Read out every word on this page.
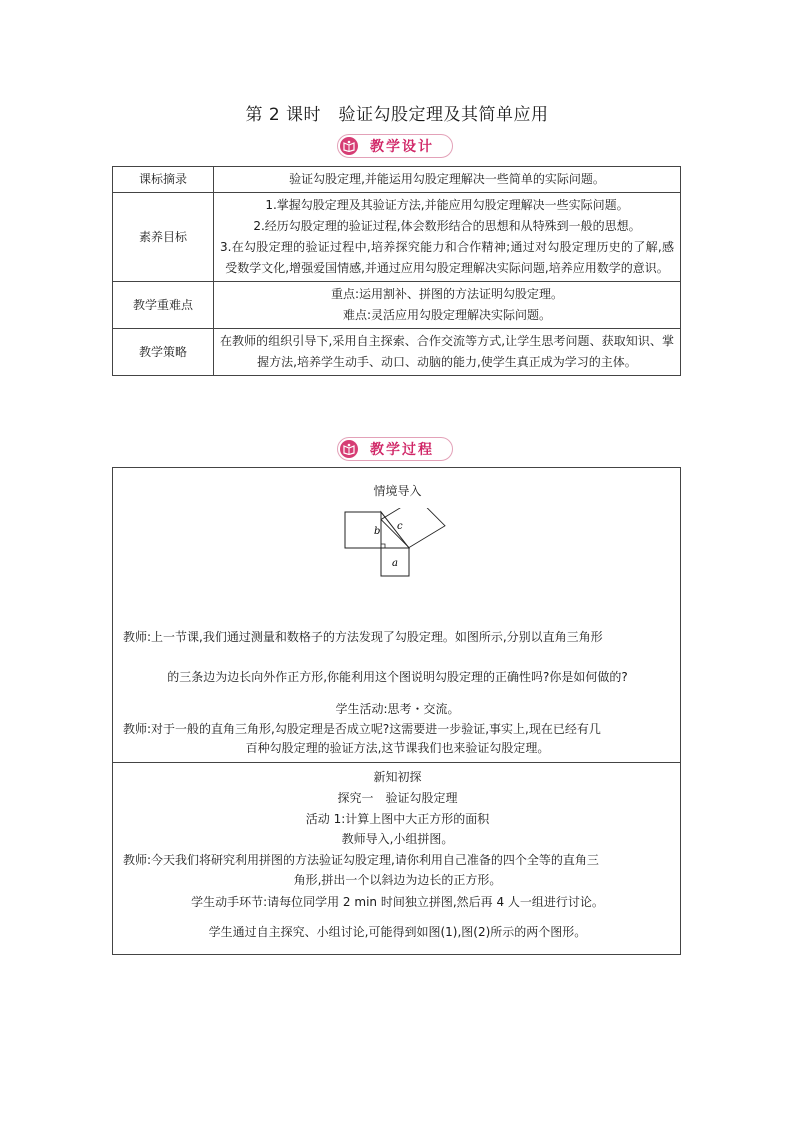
第 2 课时　验证勾股定理及其简单应用
教学设计
课标摘录	验证勾股定理,并能运用勾股定理解决一些简单的实际问题。
素养目标	1.掌握勾股定理及其验证方法,并能应用勾股定理解决一些实际问题。
2.经历勾股定理的验证过程,体会数形结合的思想和从特殊到一般的思想。
3.在勾股定理的验证过程中,培养探究能力和合作精神;通过对勾股定理历史的了解,感受数学文化,增强爱国情感,并通过应用勾股定理解决实际问题,培养应用数学的意识。

教学重难点	重点:运用割补、拼图的方法证明勾股定理。
难点:灵活应用勾股定理解决实际问题。

教学策略	在教师的组织引导下,采用自主探索、合作交流等方式,让学生思考问题、获取知识、掌握方法,培养学生动手、动口、动脑的能力,使学生真正成为学习的主体。
教学过程
情境导入
b c
a
教师:上一节课,我们通过测量和数格子的方法发现了勾股定理。如图所示,分别以直角三角形
的三条边为边长向外作正方形,你能利用这个图说明勾股定理的正确性吗?你是如何做的?
学生活动:思考・交流。
教师:对于一般的直角三角形,勾股定理是否成立呢?这需要进一步验证,事实上,现在已经有几
百种勾股定理的验证方法,这节课我们也来验证勾股定理。
新知初探
探究一　验证勾股定理
活动 1:计算上图中大正方形的面积
教师导入,小组拼图。
教师:今天我们将研究利用拼图的方法验证勾股定理,请你利用自己准备的四个全等的直角三
角形,拼出一个以斜边为边长的正方形。
学生动手环节:请每位同学用 2 min 时间独立拼图,然后再 4 人一组进行讨论。
学生通过自主探究、小组讨论,可能得到如图(1),图(2)所示的两个图形。
